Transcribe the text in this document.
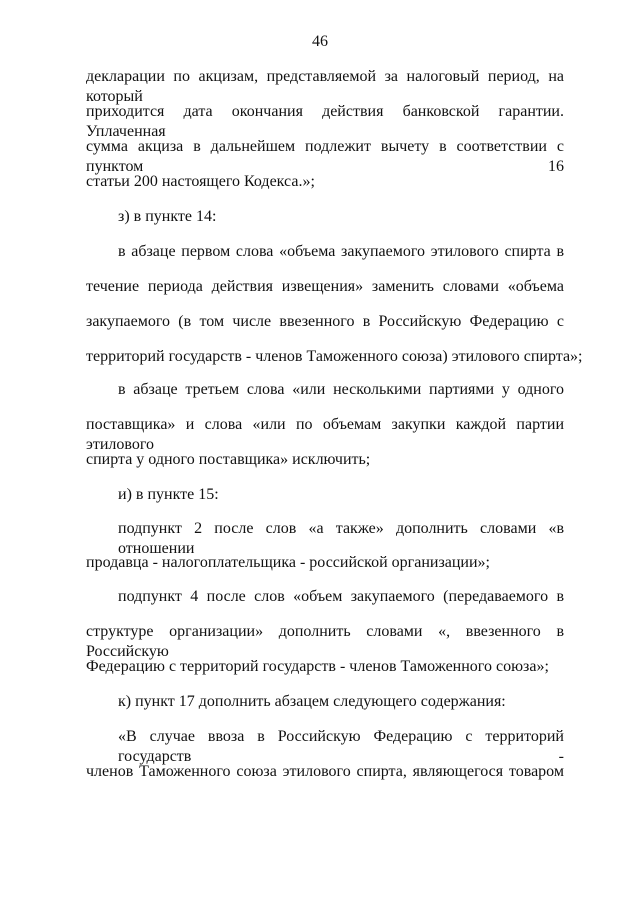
46
декларации по акцизам, представляемой за налоговый период, на который
приходится дата окончания действия банковской гарантии. Уплаченная
сумма акциза в дальнейшем подлежит вычету в соответствии с пунктом 16
статьи 200 настоящего Кодекса.»;
з) в пункте 14:
в абзаце первом слова «объема закупаемого этилового спирта в
течение периода действия извещения» заменить словами «объема
закупаемого (в том числе ввезенного в Российскую Федерацию с
территорий государств - членов Таможенного союза) этилового спирта»;
в абзаце третьем слова «или несколькими партиями у одного
поставщика» и слова «или по объемам закупки каждой партии этилового
спирта у одного поставщика» исключить;
и) в пункте 15:
подпункт 2 после слов «а также» дополнить словами «в отношении
продавца - налогоплательщика - российской организации»;
подпункт 4 после слов «объем закупаемого (передаваемого в
структуре организации» дополнить словами «, ввезенного в Российскую
Федерацию с территорий государств - членов Таможенного союза»;
к) пункт 17 дополнить абзацем следующего содержания:
«В случае ввоза в Российскую Федерацию с территорий государств -
членов Таможенного союза этилового спирта, являющегося товаром
